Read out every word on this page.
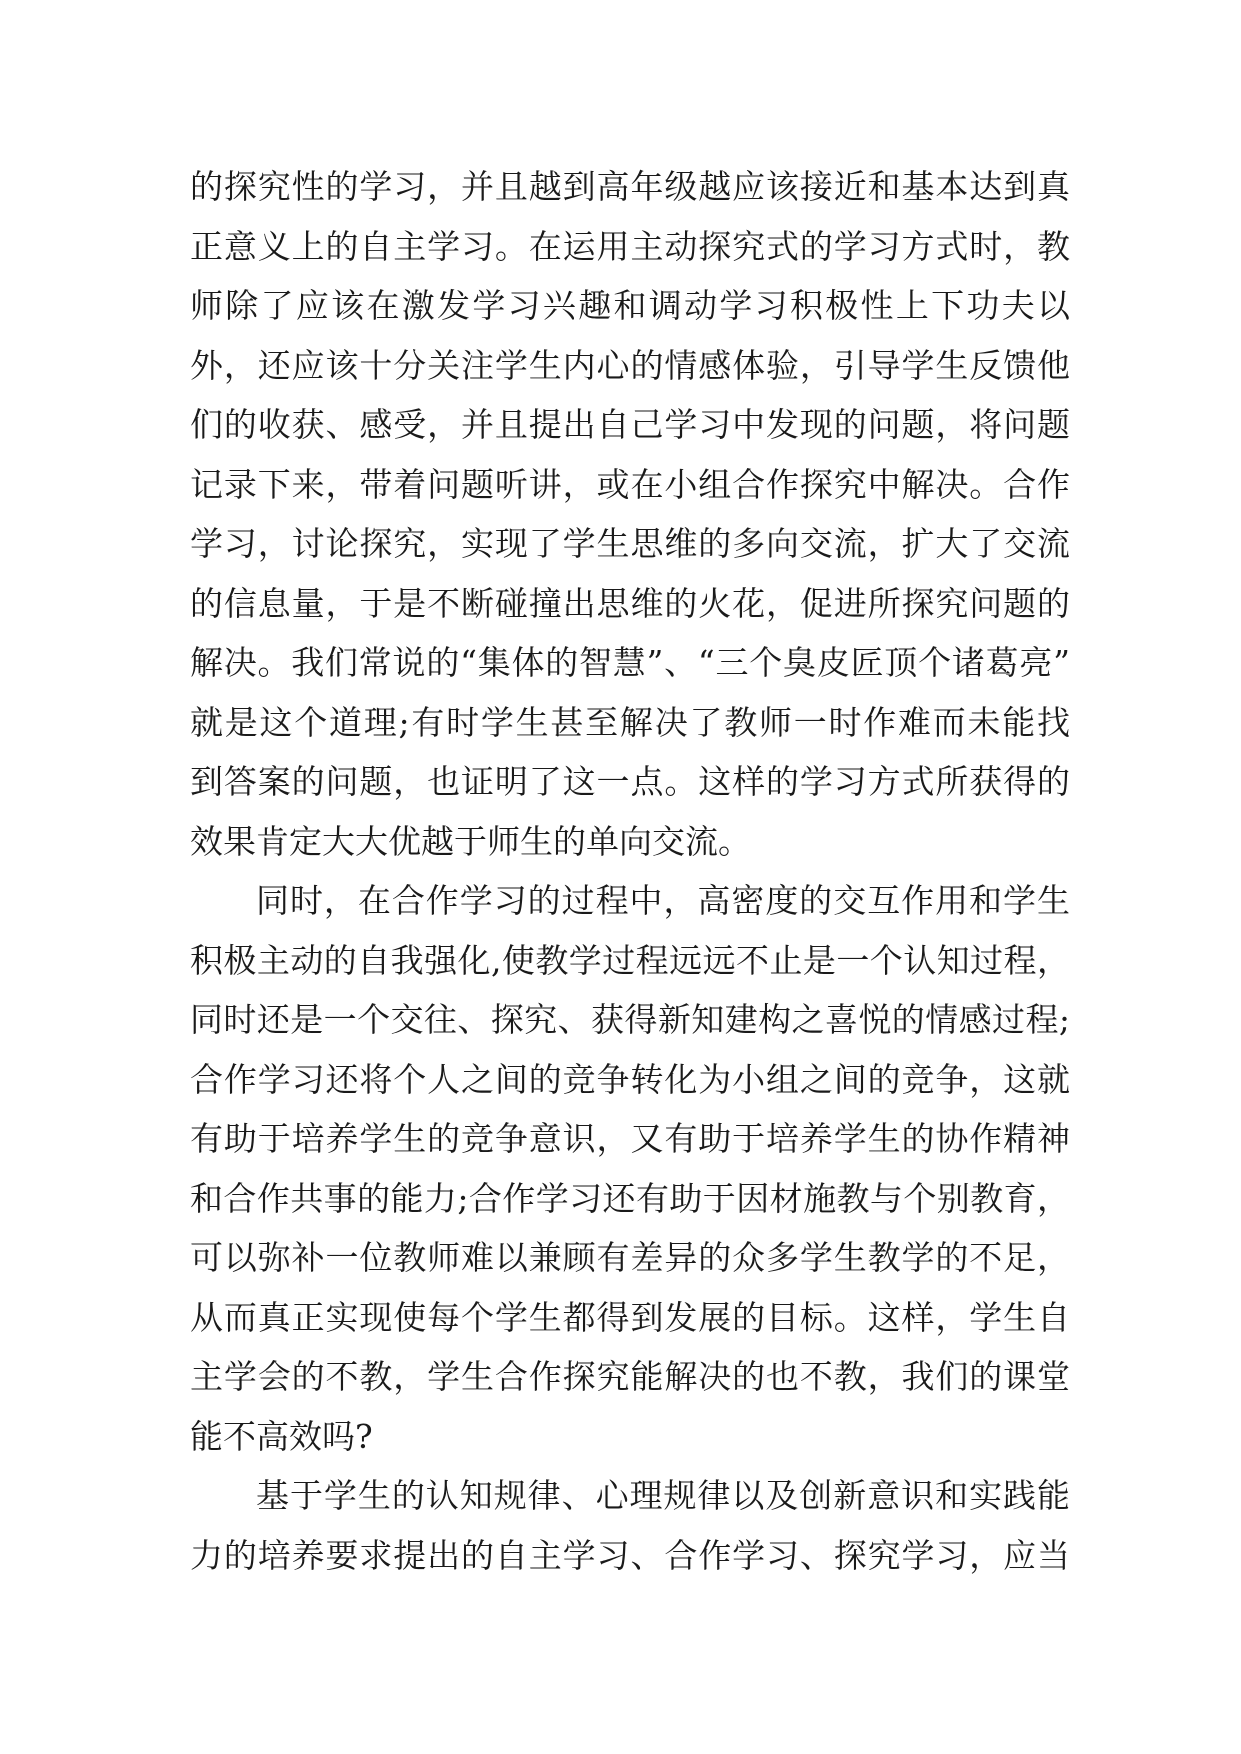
的探究性的学习，并且越到高年级越应该接近和基本达到真
正意义上的自主学习。在运用主动探究式的学习方式时，教
师除了应该在激发学习兴趣和调动学习积极性上下功夫以
外，还应该十分关注学生内心的情感体验，引导学生反馈他
们的收获、感受，并且提出自己学习中发现的问题，将问题
记录下来，带着问题听讲，或在小组合作探究中解决。合作
学习，讨论探究，实现了学生思维的多向交流，扩大了交流
的信息量，于是不断碰撞出思维的火花，促进所探究问题的
解决。我们常说的“集体的智慧”、“三个臭皮匠顶个诸葛亮”
就是这个道理;有时学生甚至解决了教师一时作难而未能找
到答案的问题，也证明了这一点。这样的学习方式所获得的
效果肯定大大优越于师生的单向交流。
同时，在合作学习的过程中，高密度的交互作用和学生
积极主动的自我强化,使教学过程远远不止是一个认知过程，
同时还是一个交往、探究、获得新知建构之喜悦的情感过程;
合作学习还将个人之间的竞争转化为小组之间的竞争，这就
有助于培养学生的竞争意识，又有助于培养学生的协作精神
和合作共事的能力;合作学习还有助于因材施教与个别教育，
可以弥补一位教师难以兼顾有差异的众多学生教学的不足，
从而真正实现使每个学生都得到发展的目标。这样，学生自
主学会的不教，学生合作探究能解决的也不教，我们的课堂
能不高效吗?
基于学生的认知规律、心理规律以及创新意识和实践能
力的培养要求提出的自主学习、合作学习、探究学习，应当
